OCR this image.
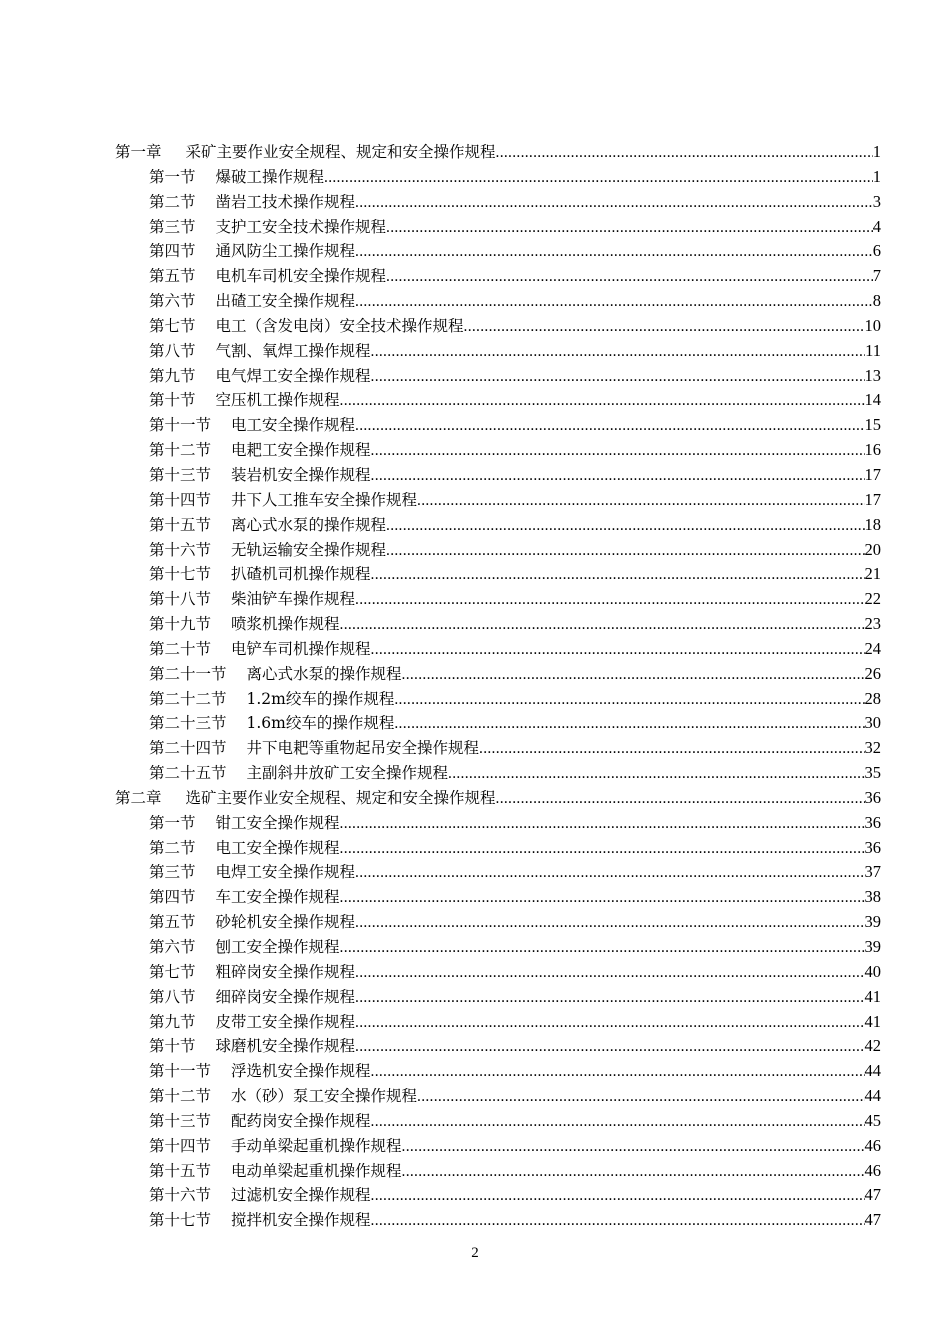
第一章 采矿主要作业安全规程、规定和安全操作规程 .....	1
第一节 爆破工操作规程 .....	1
第二节 凿岩工技术操作规程 .....	3
第三节 支护工安全技术操作规程 .....	4
第四节 通风防尘工操作规程 .....	6
第五节 电机车司机安全操作规程 .....	7
第六节 出碴工安全操作规程 .....	8
第七节 电工（含发电岗）安全技术操作规程 .....	10
第八节 气割、氧焊工操作规程 .....	11
第九节 电气焊工安全操作规程 .....	13
第十节 空压机工操作规程 .....	14
第十一节 电工安全操作规程 .....	15
第十二节 电耙工安全操作规程 .....	16
第十三节 装岩机安全操作规程 .....	17
第十四节 井下人工推车安全操作规程 .....	17
第十五节 离心式水泵的操作规程 .....	18
第十六节 无轨运输安全操作规程 .....	20
第十七节 扒碴机司机操作规程 .....	21
第十八节 柴油铲车操作规程 .....	22
第十九节 喷浆机操作规程 .....	23
第二十节 电铲车司机操作规程 .....	24
第二十一节 离心式水泵的操作规程 .....	26
第二十二节 1.2m绞车的操作规程 .....	28
第二十三节 1.6m绞车的操作规程 .....	30
第二十四节 井下电耙等重物起吊安全操作规程 .....	32
第二十五节 主副斜井放矿工安全操作规程 .....	35
第二章 选矿主要作业安全规程、规定和安全操作规程 .....	36
第一节 钳工安全操作规程 .....	36
第二节 电工安全操作规程 .....	36
第三节 电焊工安全操作规程 .....	37
第四节 车工安全操作规程 .....	38
第五节 砂轮机安全操作规程 .....	39
第六节 刨工安全操作规程 .....	39
第七节 粗碎岗安全操作规程 .....	40
第八节 细碎岗安全操作规程 .....	41
第九节 皮带工安全操作规程 .....	41
第十节 球磨机安全操作规程 .....	42
第十一节 浮选机安全操作规程 .....	44
第十二节 水（砂）泵工安全操作规程 .....	44
第十三节 配药岗安全操作规程 .....	45
第十四节 手动单梁起重机操作规程 .....	46
第十五节 电动单梁起重机操作规程 .....	46
第十六节 过滤机安全操作规程 .....	47
第十七节 搅拌机安全操作规程 .....	47
2
